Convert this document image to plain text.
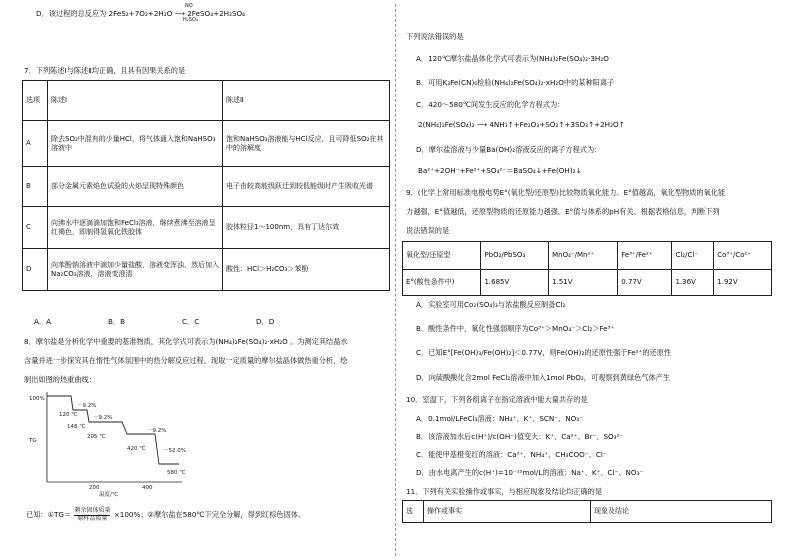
D．该过程的总反应为 2FeS₂+7O₂+2H₂O ⟶ 2FeSO₄+2H₂SO₄
NO
H₂SO₄
7．下列陈述Ⅰ与陈述Ⅱ均正确，且具有因果关系的是
选项	陈述Ⅰ	陈述Ⅱ
A	除去SO₂中混有的少量HCl，将气体通入饱和NaHSO₃溶液中	饱和NaHSO₃溶液能与HCl反应，且可降低SO₂在其中的溶解度
B	部分金属元素焰色试验的火焰呈现特殊颜色	电子由较高能级跃迁到较低能级时产生吸收光谱
C	向沸水中逐滴滴加饱和FeCl₃溶液，继续煮沸至溶液呈红褐色，即制得氢氧化铁胶体	胶体粒径1～100nm，具有丁达尔效
D	向苯酚钠溶液中滴加少量盐酸，溶液变浑浊，然后加入Na₂CO₃溶液，溶液变澄清	酸性：HCl＞H₂CO₃＞苯酚
A．A	B．B	C．C	D．D
8．摩尔盐是分析化学中重要的基准物质，其化学式可表示为(NH₄)₂Fe(SO₄)₂·xH₂O 。为测定其结晶水
含量并进一步探究其在惰性气体氛围中的热分解反应过程，现取一定质量的摩尔盐晶体做热重分析，绘
制出如图的热重曲线：
100%
TG
200	400
温度/℃
－9.2%
－9.2%
－9.2%
－52.0%
120 ℃
148 ℃
205 ℃
420 ℃
580 ℃
已知：①TG＝ 剩余固体质量
原样品质量 ×100%；②摩尔盐在580℃下完全分解，得到红棕色固体。
下列说法错误的是
A．120℃摩尔盐晶体化学式可表示为(NH₄)₂Fe(SO₄)₂·3H₂O
B．可用K₃Fe(CN)₆检验(NH₄)₂Fe(SO₄)₂·xH₂O中的某种阳离子
C．420～580℃间发生反应的化学方程式为：
2(NH₄)₂Fe(SO₄)₂ ⟶ 4NH₃↑+Fe₂O₃+SO₂↑+3SO₃↑+2H₂O↑
D．摩尔盐溶液与少量Ba(OH)₂溶液反应的离子方程式为：
Ba²⁺+2OH⁻+Fe²⁺+SO₄²⁻＝BaSO₄↓+Fe(OH)₂↓
9．(化学上常用标准电极电势E°(氧化型/还原型)比较物质氧化能力。E°值越高，氧化型物质的氧化能
力越强，E°值越低，还原型物质的还原能力越强。E°值与体系的pH有关。根据表格信息，判断下列
说法错误的是
氧化型/还原型	PbO₂/PbSO₄	MnO₄⁻/Mn²⁺	Fe³⁺/Fe²⁺	Cl₂/Cl⁻	Co³⁺/Co²⁺
E°(酸性条件中)	1.685V	1.51V	0.77V	1.36V	1.92V
A．实验室可用Co₂(SO₄)₃与浓盐酸反应制备Cl₂
B．酸性条件中，氧化性强弱顺序为Co³⁺＞MnO₄⁻＞Cl₂＞Fe³⁺
C．已知E°[Fe(OH)₃/Fe(OH)₂]＜0.77V，则Fe(OH)₂的还原性强于Fe²⁺的还原性
D．向硫酸酸化含2mol FeCl₂溶液中加入1mol PbO₂，可观察到黄绿色气体产生
10．室温下，下列各组离子在指定溶液中能大量共存的是
A．0.1mol/LFeCl₃溶液：NH₄⁺、K⁺、SCN⁻、NO₃⁻
B．该溶液加水后c(H⁺)/c(OH⁻)值变大：K⁺、Ca²⁺、Br⁻、SO₃²⁻
C．能使甲基橙变红的溶液：Ca²⁺、NH₄⁺、CH₃COO⁻、Cl⁻
D．由水电离产生的c(H⁺)=10⁻¹²mol/L的溶液：Na⁺、K⁺、Cl⁻、NO₃⁻
11．下列有关实验操作或事实，与相应现象及结论均正确的是
选	操作或事实	现象及结论
